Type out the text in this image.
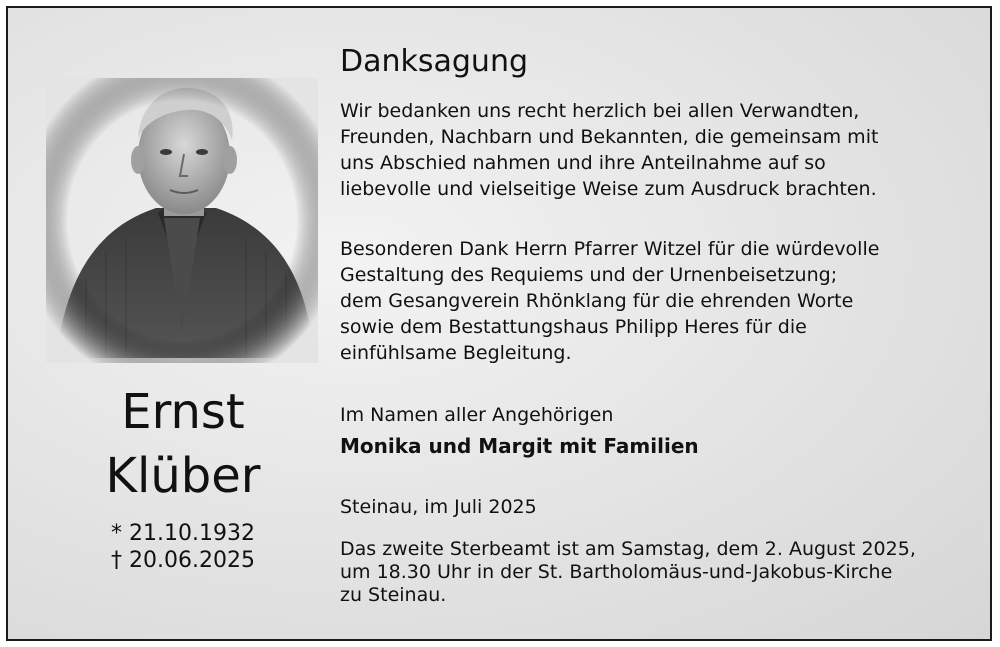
Ernst
Klüber
* 21.10.1932
† 20.06.2025
Danksagung

Wir bedanken uns recht herzlich bei allen Verwandten,
Freunden, Nachbarn und Bekannten, die gemeinsam mit
uns Abschied nahmen und ihre Anteilnahme auf so
liebevolle und vielseitige Weise zum Ausdruck brachten.

Besonderen Dank Herrn Pfarrer Witzel für die würdevolle
Gestaltung des Requiems und der Urnenbeisetzung;
dem Gesangverein Rhönklang für die ehrenden Worte
sowie dem Bestattungshaus Philipp Heres für die
einfühlsame Begleitung.

Im Namen aller Angehörigen
Monika und Margit mit Familien
Steinau, im Juli 2025
Das zweite Sterbeamt ist am Samstag, dem 2. August 2025,
um 18.30 Uhr in der St. Bartholomäus-und-Jakobus-Kirche
zu Steinau.
